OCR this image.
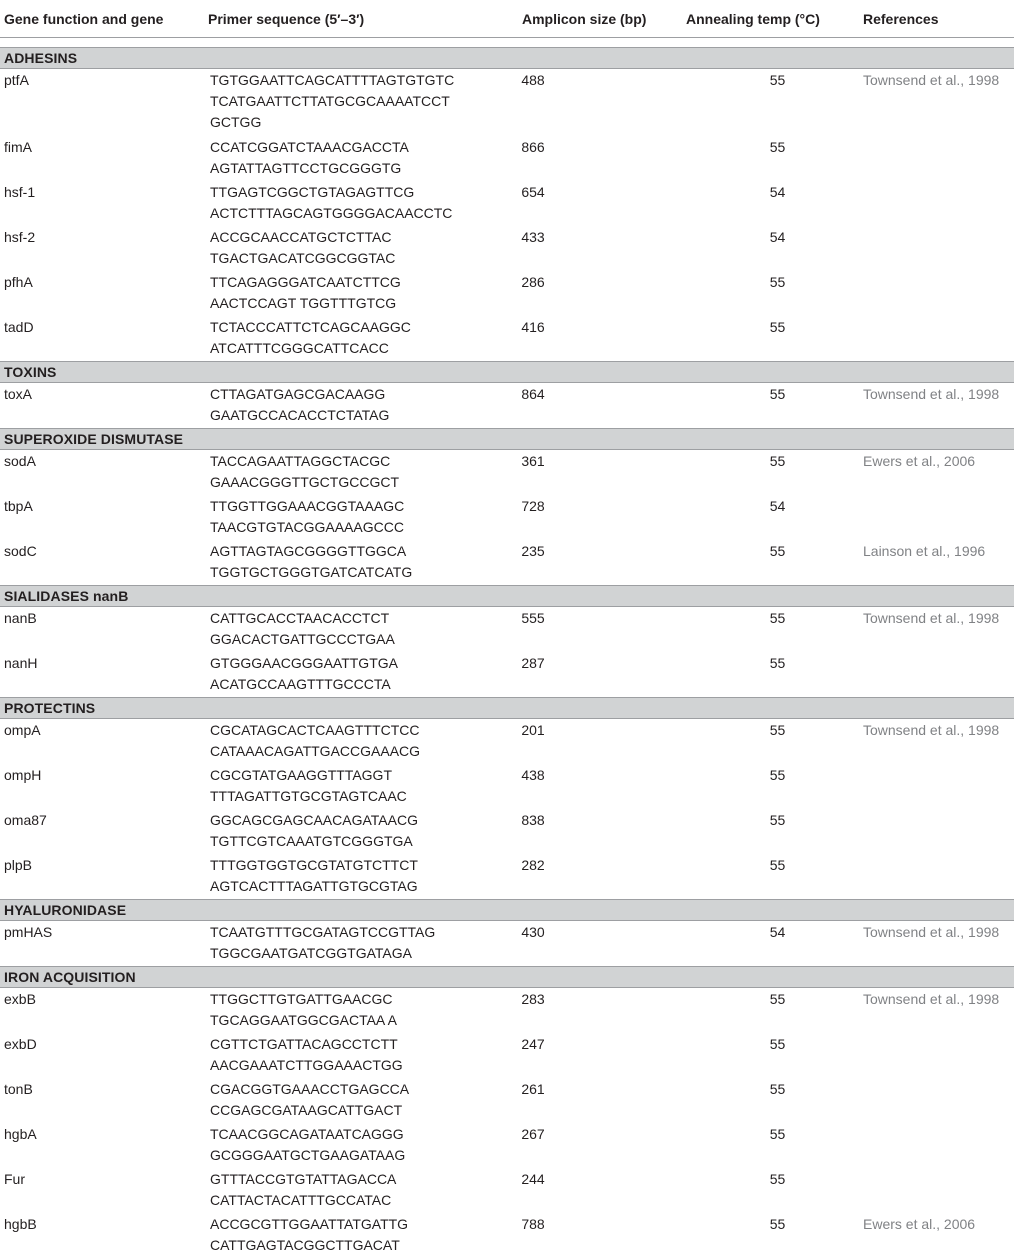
Gene function and gene	Primer sequence (5′–3′)	Amplicon size (bp)	Annealing temp (°C)	References

ADHESINS				
ptfA	TGTGGAATTCAGCATTTTAGTGTGTC
TCATGAATTCTTATGCGCAAAATCCT
GCTGG	488	55	Townsend et al., 1998
fimA	CCATCGGATCTAAACGACCTA
AGTATTAGTTCCTGCGGGTG	866	55	
hsf-1	TTGAGTCGGCTGTAGAGTTCG
ACTCTTTAGCAGTGGGGACAACCTC	654	54	
hsf-2	ACCGCAACCATGCTCTTAC
TGACTGACATCGGCGGTAC	433	54	
pfhA	TTCAGAGGGATCAATCTTCG
AACTCCAGT TGGTTTGTCG	286	55	
tadD	TCTACCCATTCTCAGCAAGGC
ATCATTTCGGGCATTCACC	416	55	
TOXINS				
toxA	CTTAGATGAGCGACAAGG
GAATGCCACACCTCTATAG	864	55	Townsend et al., 1998
SUPEROXIDE DISMUTASE				
sodA	TACCAGAATTAGGCTACGC
GAAACGGGTTGCTGCCGCT	361	55	Ewers et al., 2006
tbpA	TTGGTTGGAAACGGTAAAGC
TAACGTGTACGGAAAAGCCC	728	54	
sodC	AGTTAGTAGCGGGGTTGGCA
TGGTGCTGGGTGATCATCATG	235	55	Lainson et al., 1996
SIALIDASES nanB				
nanB	CATTGCACCTAACACCTCT
GGACACTGATTGCCCTGAA	555	55	Townsend et al., 1998
nanH	GTGGGAACGGGAATTGTGA
ACATGCCAAGTTTGCCCTA	287	55	
PROTECTINS				
ompA	CGCATAGCACTCAAGTTTCTCC
CATAAACAGATTGACCGAAACG	201	55	Townsend et al., 1998
ompH	CGCGTATGAAGGTTTAGGT
TTTAGATTGTGCGTAGTCAAC	438	55	
oma87	GGCAGCGAGCAACAGATAACG
TGTTCGTCAAATGTCGGGTGA	838	55	
plpB	TTTGGTGGTGCGTATGTCTTCT
AGTCACTTTAGATTGTGCGTAG	282	55	
HYALURONIDASE				
pmHAS	TCAATGTTTGCGATAGTCCGTTAG
TGGCGAATGATCGGTGATAGA	430	54	Townsend et al., 1998
IRON ACQUISITION				
exbB	TTGGCTTGTGATTGAACGC
TGCAGGAATGGCGACTAA A	283	55	Townsend et al., 1998
exbD	CGTTCTGATTACAGCCTCTT
AACGAAATCTTGGAAACTGG	247	55	
tonB	CGACGGTGAAACCTGAGCCA
CCGAGCGATAAGCATTGACT	261	55	
hgbA	TCAACGGCAGATAATCAGGG
GCGGGAATGCTGAAGATAAG	267	55	
Fur	GTTTACCGTGTATTAGACCA
CATTACTACATTTGCCATAC	244	55	
hgbB	ACCGCGTTGGAATTATGATTG
CATTGAGTACGGCTTGACAT	788	55	Ewers et al., 2006
